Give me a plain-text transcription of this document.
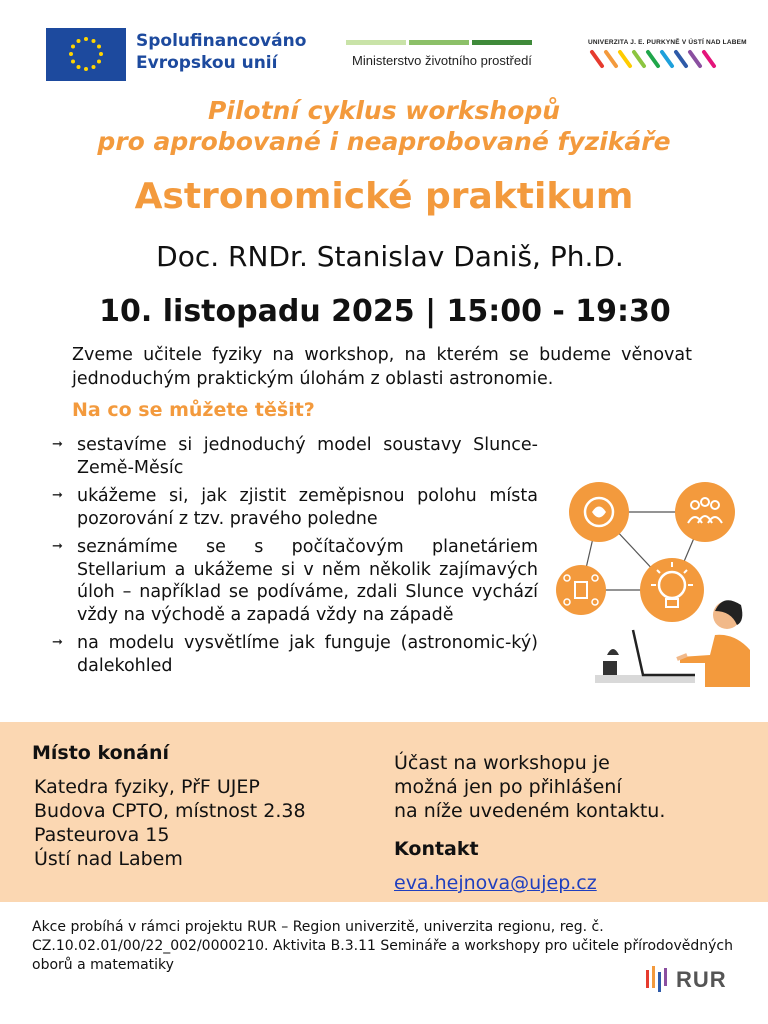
Spolufinancováno
Evropskou unií	Ministerstvo životního prostředí
UNIVERZITA J. E. PURKYNĚ V ÚSTÍ NAD LABEM
Pilotní cyklus workshopů
pro aprobované i neaprobované fyzikáře
Astronomické praktikum
Doc. RNDr. Stanislav Daniš, Ph.D.
10. listopadu 2025 | 15:00 - 19:30
Zveme učitele fyziky na workshop, na kterém se budeme věnovat jednoduchým praktickým úlohám z oblasti astronomie.
Na co se můžete těšit?
➞ sestavíme si jednoduchý model soustavy Slunce-Země-Měsíc
➞ ukážeme si, jak zjistit zeměpisnou polohu místa pozorování z tzv. pravého poledne
➞ seznámíme se s počítačovým planetáriem Stellarium a ukážeme si v něm několik zajímavých úloh – například se podíváme, zdali Slunce vychází vždy na východě a zapadá vždy na západě
➞ na modelu vysvětlíme jak funguje (astronomic-ký) dalekohled
Místo konání
Katedra fyziky, PřF UJEP
Budova CPTO, místnost 2.38
Pasteurova 15
Ústí nad Labem
Účast na workshopu je
možná jen po přihlášení
na níže uvedeném kontaktu.
Kontakt
eva.hejnova@ujep.cz
Akce probíhá v rámci projektu RUR – Region univerzitě, univerzita regionu, reg. č. CZ.10.02.01/00/22_002/0000210. Aktivita B.3.11 Semináře a workshopy pro učitele přírodovědných oborů a matematiky
RUR
